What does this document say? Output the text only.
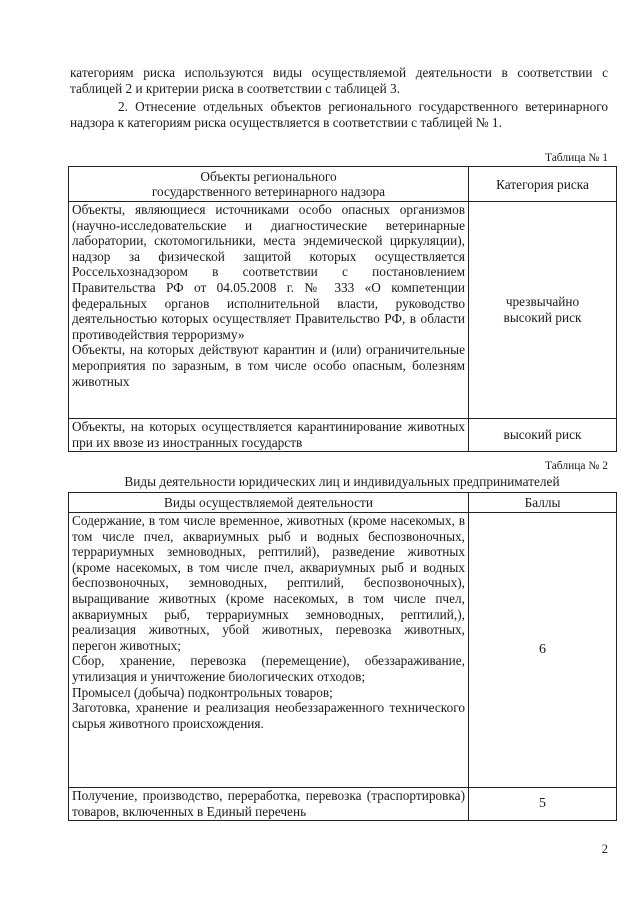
категориям риска используются виды осуществляемой деятельности в соответствии с таблицей 2 и критерии риска в соответствии с таблицей 3.

2. Отнесение отдельных объектов регионального государственного ветеринарного надзора к категориям риска осуществляется в соответствии с таблицей № 1.

Таблица № 1

Объекты регионального
государственного ветеринарного надзора	Категория риска

Объекты, являющиеся источниками особо опасных организмов (научно-исследовательские и диагностические ветеринарные лаборатории, скотомогильники, места эндемической циркуляции), надзор за физической защитой которых осуществляется Россельхознадзором в соответствии с постановлением Правительства РФ от 04.05.2008 г. № 333 «О компетенции федеральных органов исполнительной власти, руководство деятельностью которых осуществляет Правительство РФ, в области противодействия терроризму»
Объекты, на которых действуют карантин и (или) ограничительные мероприятия по заразным, в том числе особо опасным, болезням животных	чрезвычайно
высокий риск

Объекты, на которых осуществляется карантинирование животных при их ввозе из иностранных государств	высокий риск

Таблица № 2

Виды деятельности юридических лиц и индивидуальных предпринимателей

Виды осуществляемой деятельности	Баллы

Содержание, в том числе временное, животных (кроме насекомых, в том числе пчел, аквариумных рыб и водных беспозвоночных, террариумных земноводных, рептилий), разведение животных (кроме насекомых, в том числе пчел, аквариумных рыб и водных беспозвоночных, земноводных, рептилий, беспозвоночных), выращивание животных (кроме насекомых, в том числе пчел, аквариумных рыб, террариумных земноводных, рептилий,), реализация животных, убой животных, перевозка животных, перегон животных;
Сбор, хранение, перевозка (перемещение), обеззараживание, утилизация и уничтожение биологических отходов;
Промысел (добыча) подконтрольных товаров;
Заготовка, хранение и реализация необеззараженного технического сырья животного происхождения.	6
Получение, производство, переработка, перевозка (траспортировка) товаров, включенных в Единый перечень	5

2
